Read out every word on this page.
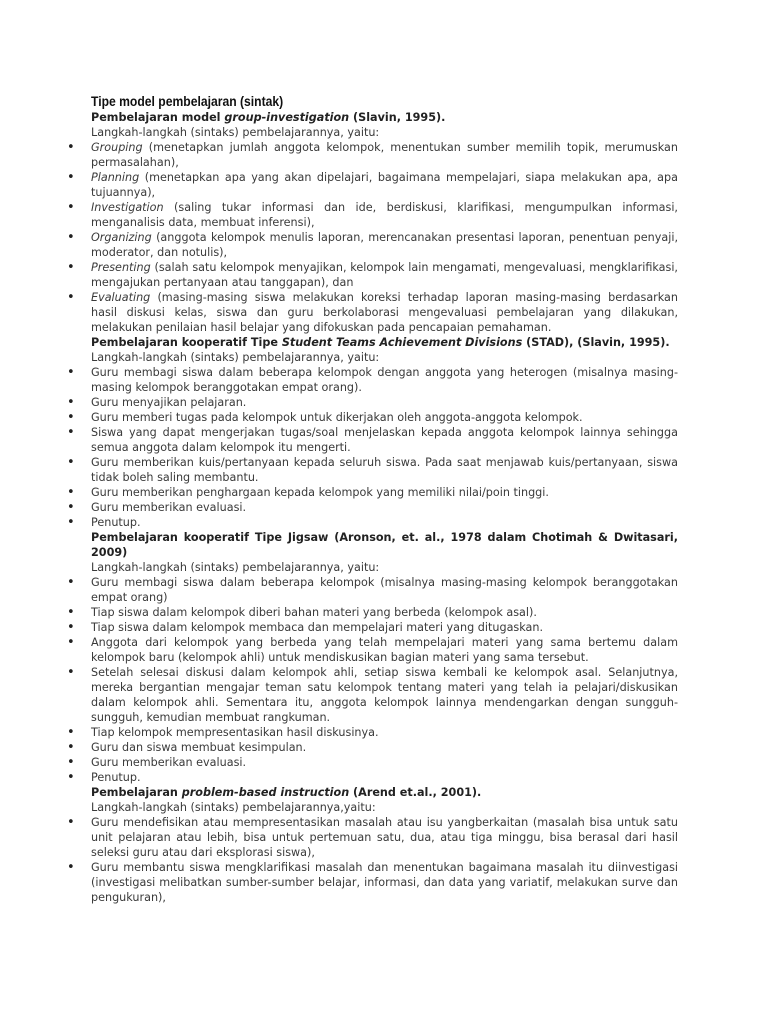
Tipe model pembelajaran (sintak)
Pembelajaran model group-investigation (Slavin, 1995).
Langkah-langkah (sintaks) pembelajarannya, yaitu:
• Grouping (menetapkan jumlah anggota kelompok, menentukan sumber memilih topik, merumuskan permasalahan),
• Planning (menetapkan apa yang akan dipelajari, bagaimana mempelajari, siapa melakukan apa, apa tujuannya),
• Investigation (saling tukar informasi dan ide, berdiskusi, klarifikasi, mengumpulkan informasi, menganalisis data, membuat inferensi),
• Organizing (anggota kelompok menulis laporan, merencanakan presentasi laporan, penentuan penyaji, moderator, dan notulis),
• Presenting (salah satu kelompok menyajikan, kelompok lain mengamati, mengevaluasi, mengklarifikasi, mengajukan pertanyaan atau tanggapan), dan
• Evaluating (masing-masing siswa melakukan koreksi terhadap laporan masing-masing berdasarkan hasil diskusi kelas, siswa dan guru berkolaborasi mengevaluasi pembelajaran yang dilakukan, melakukan penilaian hasil belajar yang difokuskan pada pencapaian pemahaman.
Pembelajaran kooperatif Tipe Student Teams Achievement Divisions (STAD), (Slavin, 1995).
Langkah-langkah (sintaks) pembelajarannya, yaitu:
• Guru membagi siswa dalam beberapa kelompok dengan anggota yang heterogen (misalnya masing-masing kelompok beranggotakan empat orang).
• Guru menyajikan pelajaran.
• Guru memberi tugas pada kelompok untuk dikerjakan oleh anggota-anggota kelompok.
• Siswa yang dapat mengerjakan tugas/soal menjelaskan kepada anggota kelompok lainnya sehingga semua anggota dalam kelompok itu mengerti.
• Guru memberikan kuis/pertanyaan kepada seluruh siswa. Pada saat menjawab kuis/pertanyaan, siswa tidak boleh saling membantu.
• Guru memberikan penghargaan kepada kelompok yang memiliki nilai/poin tinggi.
• Guru memberikan evaluasi.
• Penutup.
Pembelajaran kooperatif Tipe Jigsaw (Aronson, et. al., 1978 dalam Chotimah & Dwitasari, 2009)
Langkah-langkah (sintaks) pembelajarannya, yaitu:
• Guru membagi siswa dalam beberapa kelompok (misalnya masing-masing kelompok beranggotakan empat orang)
• Tiap siswa dalam kelompok diberi bahan materi yang berbeda (kelompok asal).
• Tiap siswa dalam kelompok membaca dan mempelajari materi yang ditugaskan.
• Anggota dari kelompok yang berbeda yang telah mempelajari materi yang sama bertemu dalam kelompok baru (kelompok ahli) untuk mendiskusikan bagian materi yang sama tersebut.
• Setelah selesai diskusi dalam kelompok ahli, setiap siswa kembali ke kelompok asal. Selanjutnya, mereka bergantian mengajar teman satu kelompok tentang materi yang telah ia pelajari/diskusikan dalam kelompok ahli. Sementara itu, anggota kelompok lainnya mendengarkan dengan sungguh-sungguh, kemudian membuat rangkuman.
• Tiap kelompok mempresentasikan hasil diskusinya.
• Guru dan siswa membuat kesimpulan.
• Guru memberikan evaluasi.
• Penutup.
Pembelajaran problem-based instruction (Arend et.al., 2001).
Langkah-langkah (sintaks) pembelajarannya,yaitu:
• Guru mendefisikan atau mempresentasikan masalah atau isu yangberkaitan (masalah bisa untuk satu unit pelajaran atau lebih, bisa untuk pertemuan satu, dua, atau tiga minggu, bisa berasal dari hasil seleksi guru atau dari eksplorasi siswa),
• Guru membantu siswa mengklarifikasi masalah dan menentukan bagaimana masalah itu diinvestigasi (investigasi melibatkan sumber-sumber belajar, informasi, dan data yang variatif, melakukan surve dan pengukuran),
